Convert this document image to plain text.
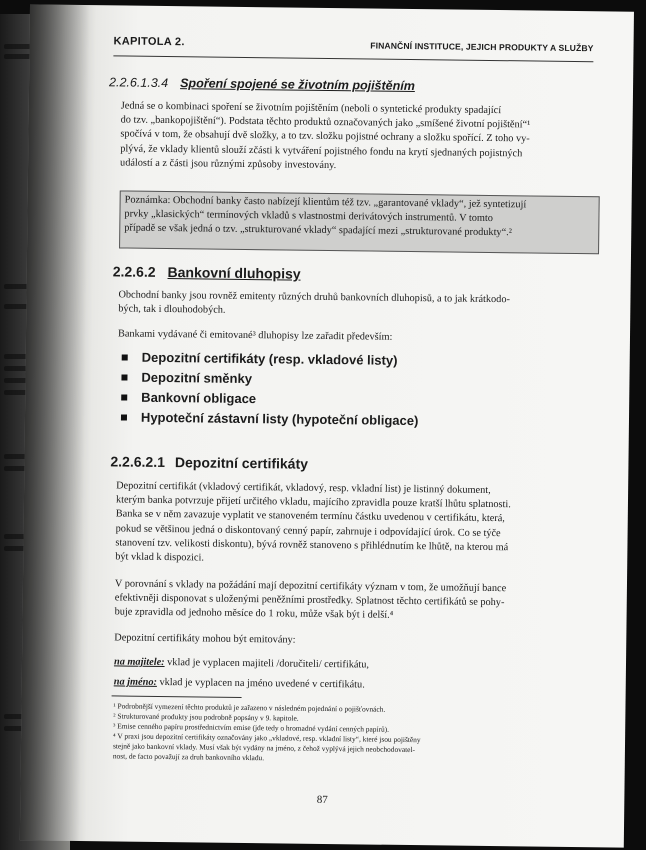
KAPITOLA 2.	FINANČNÍ INSTITUCE, JEJICH PRODUKTY A SLUŽBY
2.2.6.1.3.4 Spoření spojené se životním pojištěním
Jedná se o kombinaci spoření se životním pojištěním (neboli o syntetické produkty spadající
do tzv. „bankopojištění“). Podstata těchto produktů označovaných jako „smíšené životní pojištění“¹
spočívá v tom, že obsahují dvě složky, a to tzv. složku pojistné ochrany a složku spořící. Z toho vy-
plývá, že vklady klientů slouží zčásti k vytváření pojistného fondu na krytí sjednaných pojistných
událostí a z části jsou různými způsoby investovány.
Poznámka: Obchodní banky často nabízejí klientům též tzv. „garantované vklady“, jež syntetizují
prvky „klasických“ termínových vkladů s vlastnostmi derivátových instrumentů. V tomto
případě se však jedná o tzv. „strukturované vklady“ spadající mezi „strukturované produkty“.²
2.2.6.2 Bankovní dluhopisy
Obchodní banky jsou rovněž emitenty různých druhů bankovních dluhopisů, a to jak krátkodo-
bých, tak i dlouhodobých.
Bankami vydávané či emitované³ dluhopisy lze zařadit především:
Depozitní certifikáty (resp. vkladové listy)
Depozitní směnky
Bankovní obligace
Hypoteční zástavní listy (hypoteční obligace)
2.2.6.2.1 Depozitní certifikáty
Depozitní certifikát (vkladový certifikát, vkladový, resp. vkladní list) je listinný dokument,
kterým banka potvrzuje přijetí určitého vkladu, majícího zpravidla pouze kratší lhůtu splatnosti.
Banka se v něm zavazuje vyplatit ve stanoveném termínu částku uvedenou v certifikátu, která,
pokud se většinou jedná o diskontovaný cenný papír, zahrnuje i odpovídající úrok. Co se týče
stanovení tzv. velikosti diskontu), bývá rovněž stanoveno s přihlédnutím ke lhůtě, na kterou má
být vklad k dispozici.
V porovnání s vklady na požádání mají depozitní certifikáty význam v tom, že umožňují bance
efektivněji disponovat s uloženými peněžními prostředky. Splatnost těchto certifikátů se pohy-
buje zpravidla od jednoho měsíce do 1 roku, může však být i delší.⁴
Depozitní certifikáty mohou být emitovány:
na majitele: vklad je vyplacen majiteli /doručiteli/ certifikátu,
na jméno: vklad je vyplacen na jméno uvedené v certifikátu.
¹ Podrobnější vymezení těchto produktů je zařazeno v následném pojednání o pojišťovnách.
² Strukturované produkty jsou podrobně popsány v 9. kapitole.
³ Emise cenného papíru prostřednictvím emise (jde tedy o hromadné vydání cenných papírů).
⁴ V praxi jsou depozitní certifikáty označovány jako „vkladové, resp. vkladní listy“, které jsou pojištěny
stejně jako bankovní vklady. Musí však být vydány na jméno, z čehož vyplývá jejich neobchodovatel-
nost, de facto považují za druh bankovního vkladu.
87
